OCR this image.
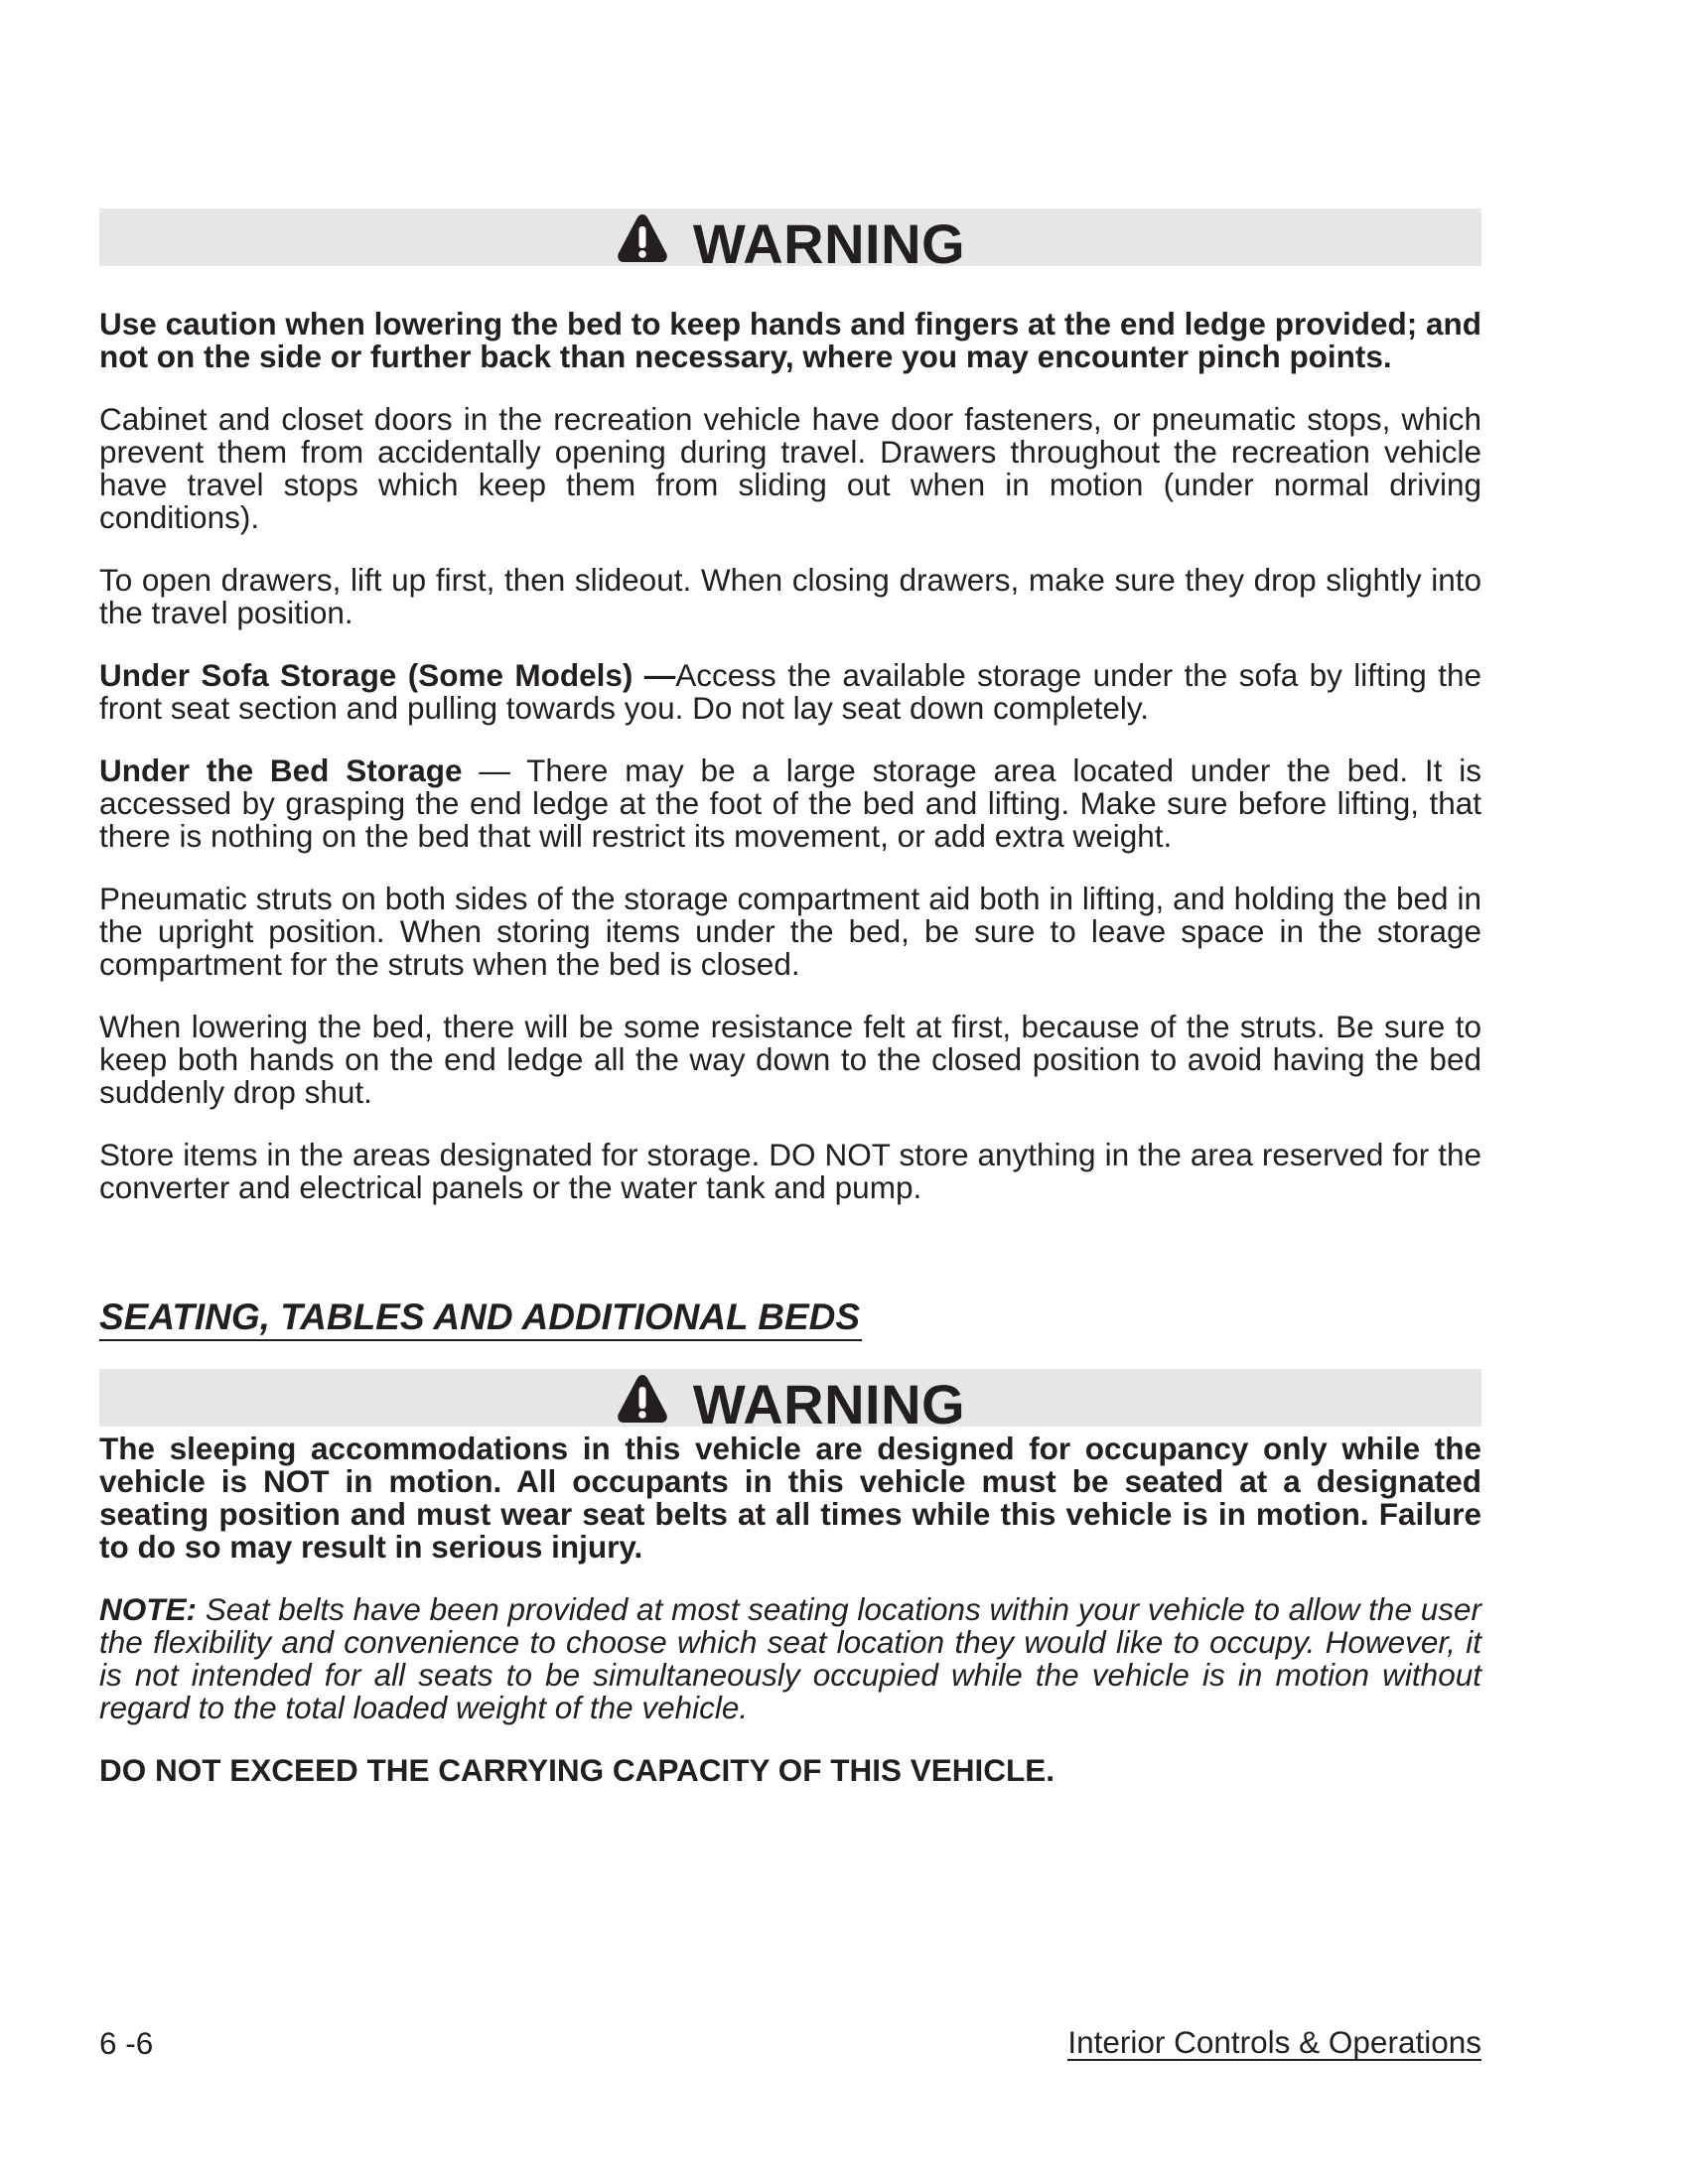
WARNING

Use caution when lowering the bed to keep hands and fingers at the end ledge provided; and not on the side or further back than necessary, where you may encounter pinch points.

Cabinet and closet doors in the recreation vehicle have door fasteners, or pneumatic stops, which prevent them from accidentally opening during travel. Drawers throughout the recreation vehicle have travel stops which keep them from sliding out when in motion (under normal driving conditions).

To open drawers, lift up first, then slideout. When closing drawers, make sure they drop slightly into the travel position.

Under Sofa Storage (Some Models) —Access the available storage under the sofa by lifting the front seat section and pulling towards you. Do not lay seat down completely.

Under the Bed Storage — There may be a large storage area located under the bed. It is accessed by grasping the end ledge at the foot of the bed and lifting. Make sure before lifting, that there is nothing on the bed that will restrict its movement, or add extra weight.

Pneumatic struts on both sides of the storage compartment aid both in lifting, and holding the bed in the upright position. When storing items under the bed, be sure to leave space in the storage compartment for the struts when the bed is closed.

When lowering the bed, there will be some resistance felt at first, because of the struts. Be sure to keep both hands on the end ledge all the way down to the closed position to avoid having the bed suddenly drop shut.

Store items in the areas designated for storage. DO NOT store anything in the area reserved for the converter and electrical panels or the water tank and pump.

SEATING, TABLES AND ADDITIONAL BEDS
WARNING

The sleeping accommodations in this vehicle are designed for occupancy only while the vehicle is NOT in motion. All occupants in this vehicle must be seated at a designated seating position and must wear seat belts at all times while this vehicle is in motion. Failure to do so may result in serious injury.

NOTE: Seat belts have been provided at most seating locations within your vehicle to allow the user the flexibility and convenience to choose which seat location they would like to occupy. However, it is not intended for all seats to be simultaneously occupied while the vehicle is in motion without regard to the total loaded weight of the vehicle.

DO NOT EXCEED THE CARRYING CAPACITY OF THIS VEHICLE.

6 -6	Interior Controls & Operations
